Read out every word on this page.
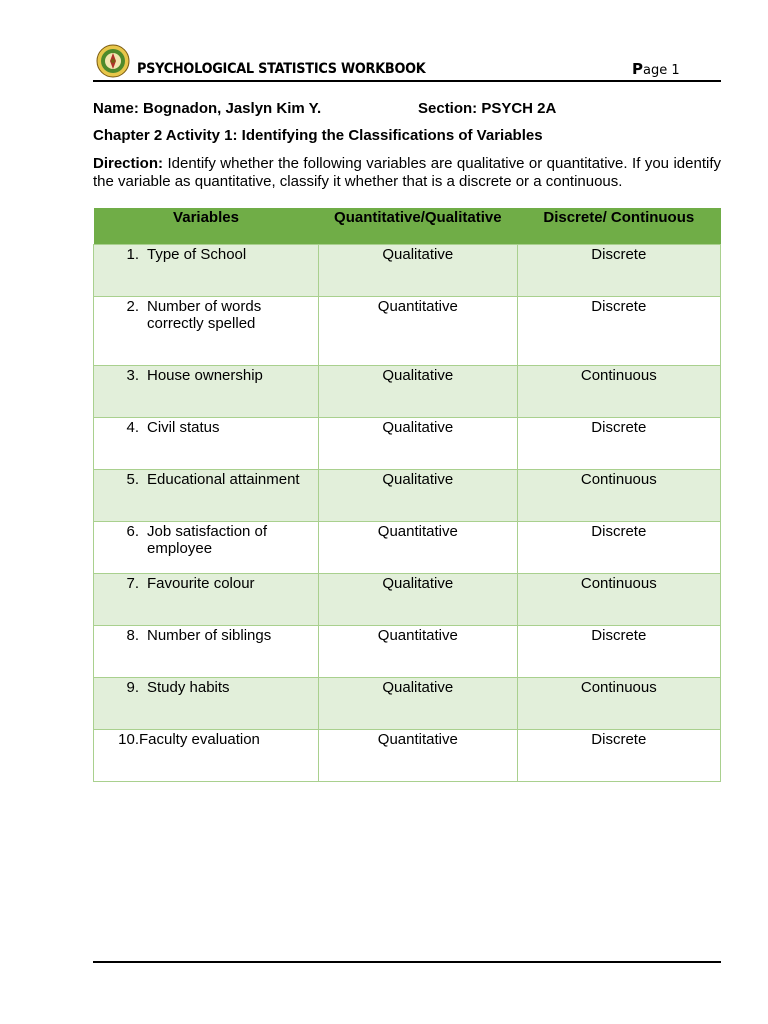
PSYCHOLOGICAL STATISTICS WORKBOOK	Page 1
Name: Bognadon, Jaslyn Kim Y.	Section: PSYCH 2A
Chapter 2 Activity 1: Identifying the Classifications of Variables
Direction: Identify whether the following variables are qualitative or quantitative. If you identify the variable as quantitative, classify it whether that is a discrete or a continuous.
Variables	Quantitative/Qualitative	Discrete/ Continuous

1. Type of School	Qualitative	Discrete

2. Number of words correctly spelled	Quantitative	Discrete

3. House ownership	Qualitative	Continuous

4. Civil status	Qualitative	Discrete

5. Educational attainment	Qualitative	Continuous

6. Job satisfaction of employee	Quantitative	Discrete

7. Favourite colour	Qualitative	Continuous

8. Number of siblings	Quantitative	Discrete

9. Study habits	Qualitative	Continuous

10. Faculty evaluation	Quantitative	Discrete
